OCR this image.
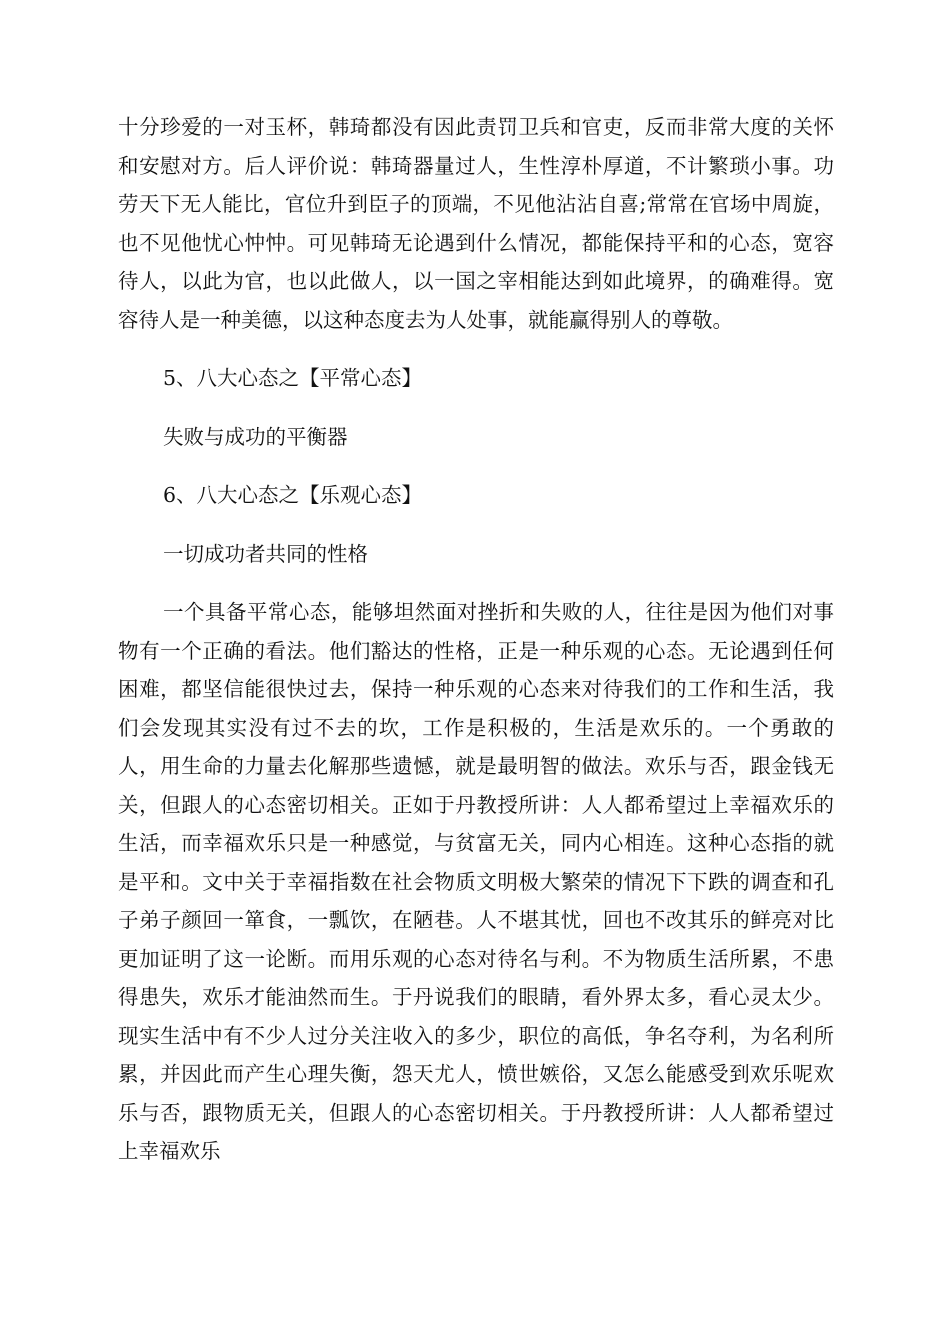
十分珍爱的一对玉杯，韩琦都没有因此责罚卫兵和官吏，反而非常大度的关怀和安慰对方。后人评价说：韩琦器量过人，生性淳朴厚道，不计繁琐小事。功劳天下无人能比，官位升到臣子的顶端，不见他沾沾自喜;常常在官场中周旋，也不见他忧心忡忡。可见韩琦无论遇到什么情况，都能保持平和的心态，宽容待人，以此为官，也以此做人，以一国之宰相能达到如此境界，的确难得。宽容待人是一种美德，以这种态度去为人处事，就能赢得别人的尊敬。

5、八大心态之【平常心态】

失败与成功的平衡器

6、八大心态之【乐观心态】

一切成功者共同的性格

一个具备平常心态，能够坦然面对挫折和失败的人，往往是因为他们对事物有一个正确的看法。他们豁达的性格，正是一种乐观的心态。无论遇到任何困难，都坚信能很快过去，保持一种乐观的心态来对待我们的工作和生活，我们会发现其实没有过不去的坎，工作是积极的，生活是欢乐的。一个勇敢的人，用生命的力量去化解那些遗憾，就是最明智的做法。欢乐与否，跟金钱无关，但跟人的心态密切相关。正如于丹教授所讲：人人都希望过上幸福欢乐的生活，而幸福欢乐只是一种感觉，与贫富无关，同内心相连。这种心态指的就是平和。文中关于幸福指数在社会物质文明极大繁荣的情况下下跌的调查和孔子弟子颜回一箪食，一瓢饮，在陋巷。人不堪其忧，回也不改其乐的鲜亮对比更加证明了这一论断。而用乐观的心态对待名与利。不为物质生活所累，不患得患失，欢乐才能油然而生。于丹说我们的眼睛，看外界太多，看心灵太少。现实生活中有不少人过分关注收入的多少，职位的高低，争名夺利，为名利所累，并因此而产生心理失衡，怨天尤人，愤世嫉俗，又怎么能感受到欢乐呢欢乐与否，跟物质无关，但跟人的心态密切相关。于丹教授所讲：人人都希望过上幸福欢乐
